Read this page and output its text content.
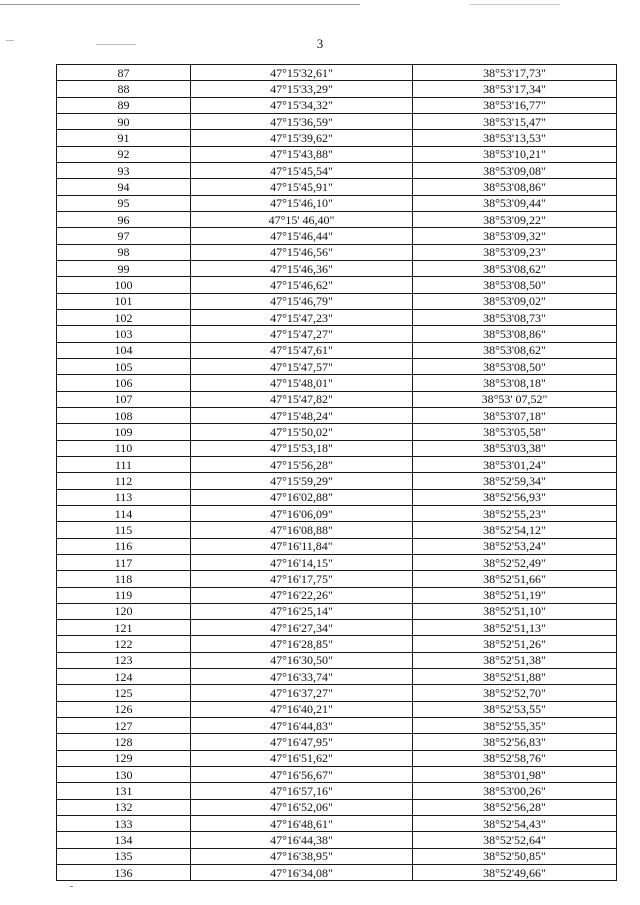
3
87	47°15'32,61"	38°53'17,73"
88	47°15'33,29"	38°53'17,34"
89	47°15'34,32"	38°53'16,77"
90	47°15'36,59"	38°53'15,47"
91	47°15'39,62"	38°53'13,53"
92	47°15'43,88"	38°53'10,21"
93	47°15'45,54"	38°53'09,08"
94	47°15'45,91"	38°53'08,86"
95	47°15'46,10"	38°53'09,44"
96	47°15' 46,40"	38°53'09,22"
97	47°15'46,44"	38°53'09,32"
98	47°15'46,56"	38°53'09,23"
99	47°15'46,36"	38°53'08,62"
100	47°15'46,62"	38°53'08,50"
101	47°15'46,79"	38°53'09,02"
102	47°15'47,23"	38°53'08,73"
103	47°15'47,27"	38°53'08,86"
104	47°15'47,61"	38°53'08,62"
105	47°15'47,57"	38°53'08,50"
106	47°15'48,01"	38°53'08,18"
107	47°15'47,82"	38°53' 07,52"
108	47°15'48,24"	38°53'07,18"
109	47°15'50,02"	38°53'05,58"
110	47°15'53,18"	38°53'03,38"
111	47°15'56,28"	38°53'01,24"
112	47°15'59,29"	38°52'59,34"
113	47°16'02,88"	38°52'56,93"
114	47°16'06,09"	38°52'55,23"
115	47°16'08,88"	38°52'54,12"
116	47°16'11,84"	38°52'53,24"
117	47°16'14,15"	38°52'52,49"
118	47°16'17,75"	38°52'51,66"
119	47°16'22,26"	38°52'51,19"
120	47°16'25,14"	38°52'51,10"
121	47°16'27,34"	38°52'51,13"
122	47°16'28,85"	38°52'51,26"
123	47°16'30,50"	38°52'51,38"
124	47°16'33,74"	38°52'51,88"
125	47°16'37,27"	38°52'52,70"
126	47°16'40,21"	38°52'53,55"
127	47°16'44,83"	38°52'55,35"
128	47°16'47,95"	38°52'56,83"
129	47°16'51,62"	38°52'58,76"
130	47°16'56,67"	38°53'01,98"
131	47°16'57,16"	38°53'00,26"
132	47°16'52,06"	38°52'56,28"
133	47°16'48,61"	38°52'54,43"
134	47°16'44,38"	38°52'52,64"
135	47°16'38,95"	38°52'50,85"
136	47°16'34,08"	38°52'49,66"
